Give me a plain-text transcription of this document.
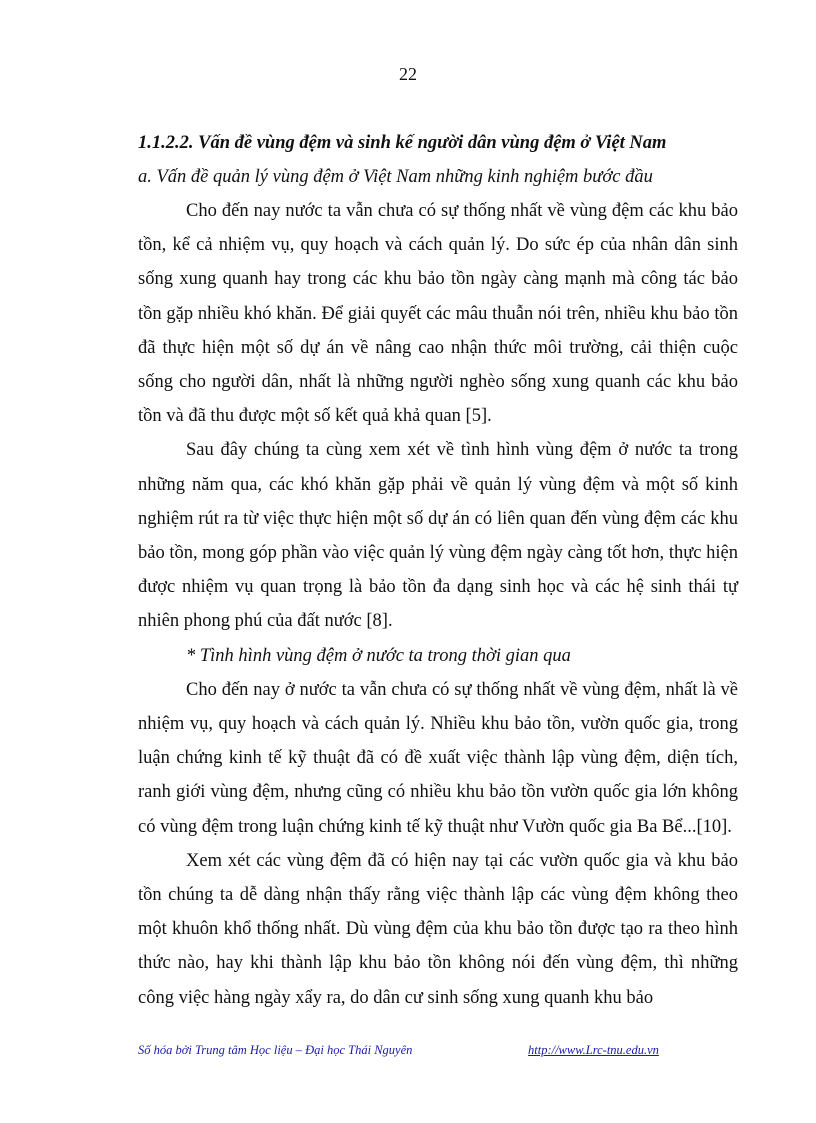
22

1.1.2.2. Vấn đề vùng đệm và sinh kế người dân vùng đệm ở Việt Nam

a. Vấn đề quản lý vùng đệm ở Việt Nam những kinh nghiệm bước đầu

Cho đến nay nước ta vẫn chưa có sự thống nhất về vùng đệm các khu bảo tồn, kể cả nhiệm vụ, quy hoạch và cách quản lý. Do sức ép của nhân dân sinh sống xung quanh hay trong các khu bảo tồn ngày càng mạnh mà công tác bảo tồn gặp nhiều khó khăn. Để giải quyết các mâu thuẫn nói trên, nhiều khu bảo tồn đã thực hiện một số dự án về nâng cao nhận thức môi trường, cải thiện cuộc sống cho người dân, nhất là những người nghèo sống xung quanh các khu bảo tồn và đã thu được một số kết quả khả quan [5].

Sau đây chúng ta cùng xem xét về tình hình vùng đệm ở nước ta trong những năm qua, các khó khăn gặp phải về quản lý vùng đệm và một số kinh nghiệm rút ra từ việc thực hiện một số dự án có liên quan đến vùng đệm các khu bảo tồn, mong góp phần vào việc quản lý vùng đệm ngày càng tốt hơn, thực hiện được nhiệm vụ quan trọng là bảo tồn đa dạng sinh học và các hệ sinh thái tự nhiên phong phú của đất nước [8].

* Tình hình vùng đệm ở nước ta trong thời gian qua

Cho đến nay ở nước ta vẫn chưa có sự thống nhất về vùng đệm, nhất là về nhiệm vụ, quy hoạch và cách quản lý. Nhiều khu bảo tồn, vườn quốc gia, trong luận chứng kinh tế kỹ thuật đã có đề xuất việc thành lập vùng đệm, diện tích, ranh giới vùng đệm, nhưng cũng có nhiều khu bảo tồn vườn quốc gia lớn không có vùng đệm trong luận chứng kinh tế kỹ thuật như Vườn quốc gia Ba Bể...[10].

Xem xét các vùng đệm đã có hiện nay tại các vườn quốc gia và khu bảo tồn chúng ta dễ dàng nhận thấy rằng việc thành lập các vùng đệm không theo một khuôn khổ thống nhất. Dù vùng đệm của khu bảo tồn được tạo ra theo hình thức nào, hay khi thành lập khu bảo tồn không nói đến vùng đệm, thì những công việc hàng ngày xẩy ra, do dân cư sinh sống xung quanh khu bảo

Số hóa bởi Trung tâm Học liệu – Đại học Thái Nguyên	http://www.Lrc-tnu.edu.vn
